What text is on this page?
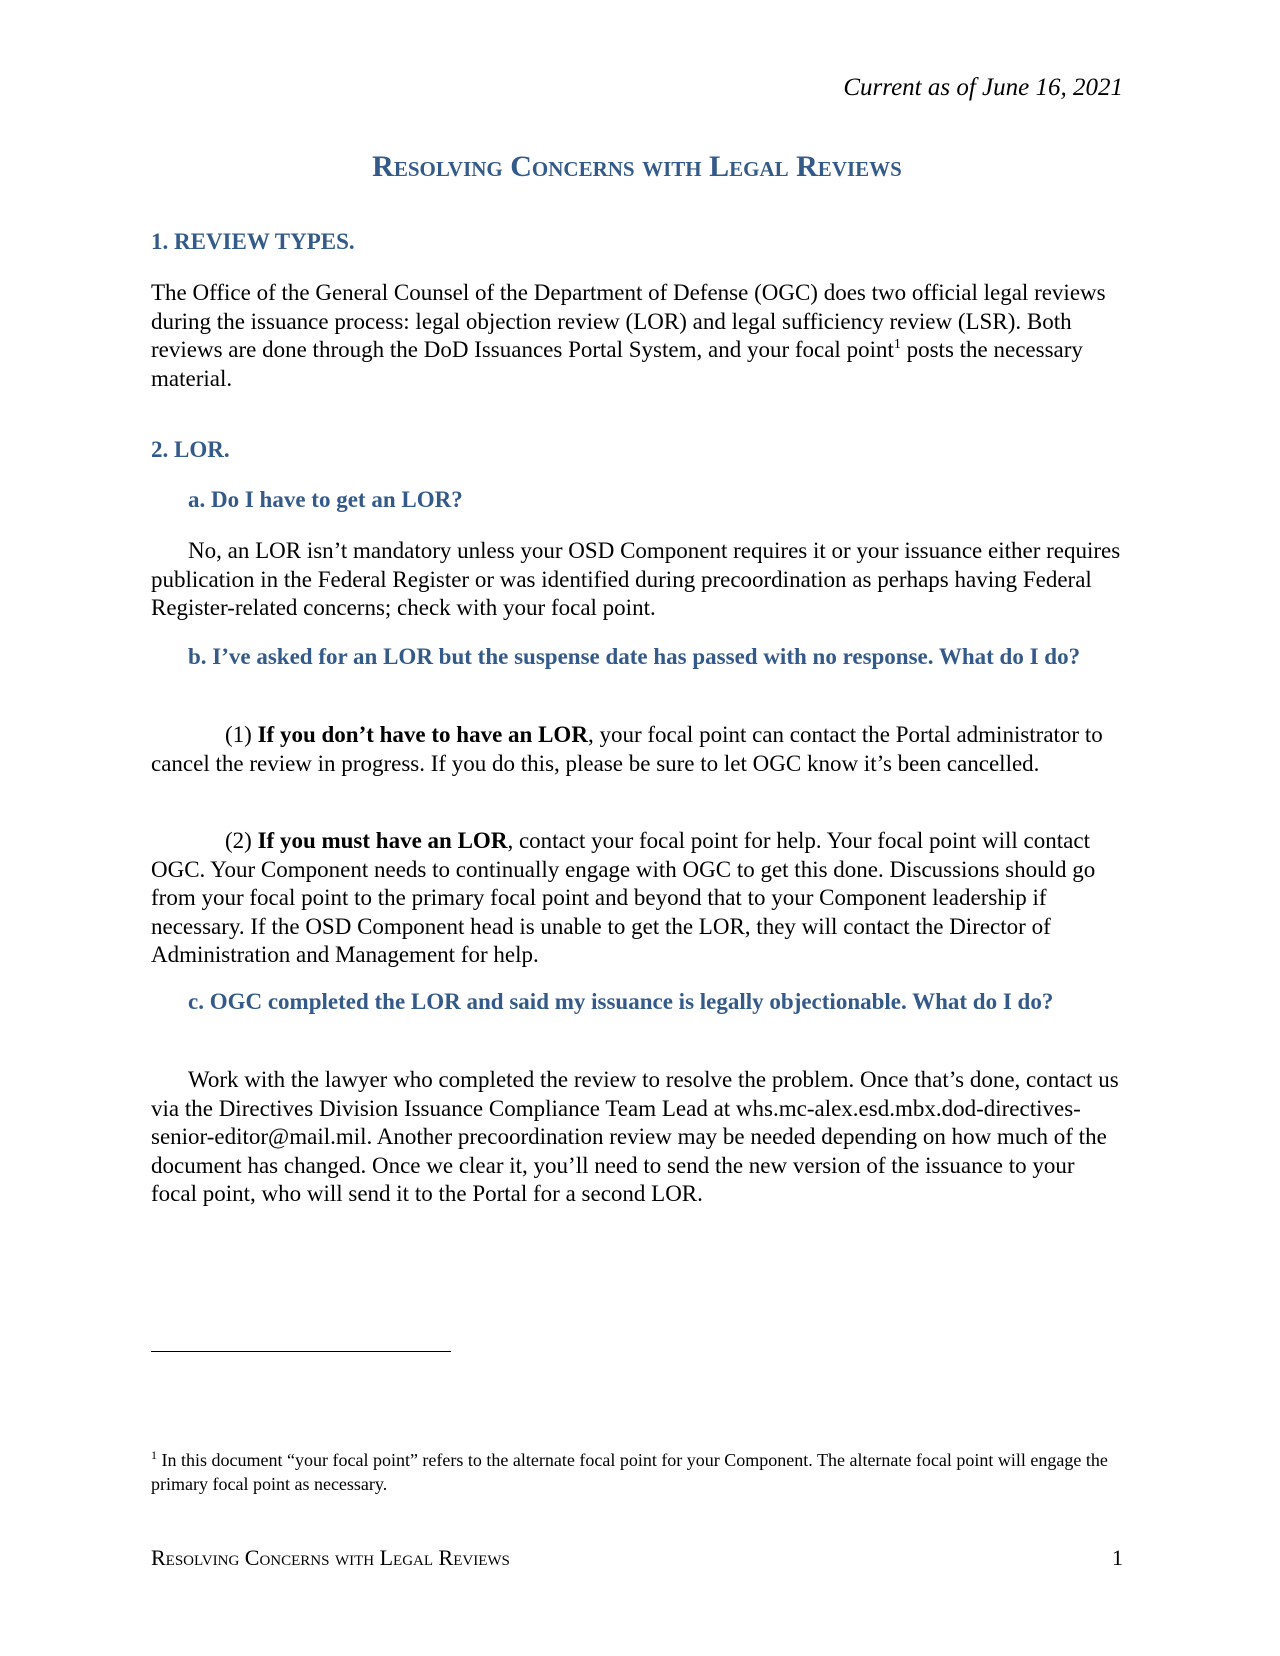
Current as of June 16, 2021
Resolving Concerns with Legal Reviews
1. REVIEW TYPES.

The Office of the General Counsel of the Department of Defense (OGC) does two official legal reviews during the issuance process: legal objection review (LOR) and legal sufficiency review (LSR). Both reviews are done through the DoD Issuances Portal System, and your focal point$^1$ posts the necessary material.

2. LOR.
a. Do I have to get an LOR?

No, an LOR isn’t mandatory unless your OSD Component requires it or your issuance either requires publication in the Federal Register or was identified during precoordination as perhaps having Federal Register-related concerns; check with your focal point.

b. I’ve asked for an LOR but the suspense date has passed with no response. What do I do?

(1) If you don’t have to have an LOR, your focal point can contact the Portal administrator to cancel the review in progress. If you do this, please be sure to let OGC know it’s been cancelled.

(2) If you must have an LOR, contact your focal point for help. Your focal point will contact OGC. Your Component needs to continually engage with OGC to get this done. Discussions should go from your focal point to the primary focal point and beyond that to your Component leadership if necessary. If the OSD Component head is unable to get the LOR, they will contact the Director of Administration and Management for help.

c. OGC completed the LOR and said my issuance is legally objectionable. What do I do?

Work with the lawyer who completed the review to resolve the problem. Once that’s done, contact us via the Directives Division Issuance Compliance Team Lead at whs.mc-alex.esd.mbx.dod-directives-senior-editor@mail.mil. Another precoordination review may be needed depending on how much of the document has changed. Once we clear it, you’ll need to send the new version of the issuance to your focal point, who will send it to the Portal for a second LOR.

$^1$ In this document “your focal point” refers to the alternate focal point for your Component. The alternate focal point will engage the primary focal point as necessary.

Resolving Concerns with Legal Reviews	1
